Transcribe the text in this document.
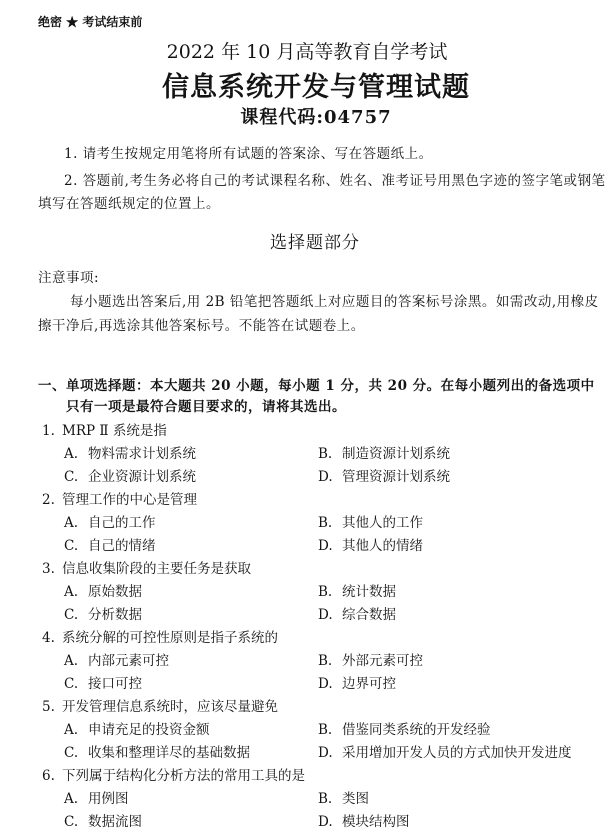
绝密 ★ 考试结束前
2022 年 10 月高等教育自学考试
信息系统开发与管理试题
课程代码:04757
1. 请考生按规定用笔将所有试题的答案涂、写在答题纸上。
2. 答题前,考生务必将自己的考试课程名称、姓名、准考证号用黑色字迹的签字笔或钢笔
填写在答题纸规定的位置上。
选择题部分
注意事项:
每小题选出答案后,用 2B 铅笔把答题纸上对应题目的答案标号涂黑。如需改动,用橡皮
擦干净后,再选涂其他答案标号。不能答在试题卷上。
一、单项选择题：本大题共 20 小题，每小题 1 分，共 20 分。在每小题列出的备选项中
只有一项是最符合题目要求的，请将其选出。
1. MRP Ⅱ 系统是指
A. 物料需求计划系统	B. 制造资源计划系统
C. 企业资源计划系统	D. 管理资源计划系统
2. 管理工作的中心是管理
A. 自己的工作	B. 其他人的工作
C. 自己的情绪	D. 其他人的情绪
3. 信息收集阶段的主要任务是获取
A. 原始数据	B. 统计数据
C. 分析数据	D. 综合数据
4. 系统分解的可控性原则是指子系统的
A. 内部元素可控	B. 外部元素可控
C. 接口可控	D. 边界可控
5. 开发管理信息系统时，应该尽量避免
A. 申请充足的投资金额	B. 借鉴同类系统的开发经验
C. 收集和整理详尽的基础数据	D. 采用增加开发人员的方式加快开发进度
6. 下列属于结构化分析方法的常用工具的是
A. 用例图	B. 类图
C. 数据流图	D. 模块结构图
